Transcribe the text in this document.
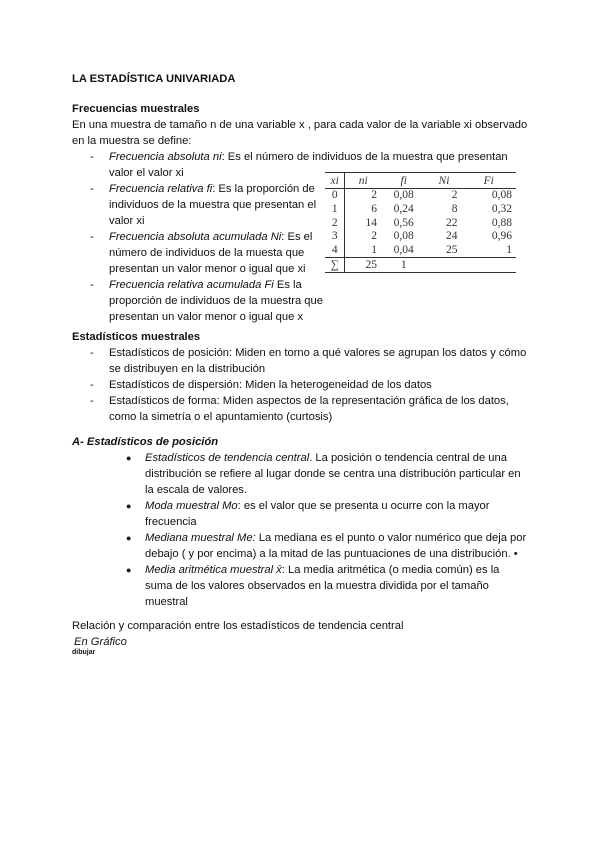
LA ESTADÍSTICA UNIVARIADA
Frecuencias muestrales
En una muestra de tamaño n de una variable x , para cada valor de la variable xi observado
en la muestra se define:
- Frecuencia absoluta ni: Es el número de individuos de la muestra que presentan
valor el valor xi
- Frecuencia relativa fi: Es la proporción de
individuos de la muestra que presentan el
valor xi
- Frecuencia absoluta acumulada Ni: Es el
número de individuos de la muesta que
presentan un valor menor o igual que xi
- Frecuencia relativa acumulada Fi Es la
proporción de individuos de la muestra que
presentan un valor menor o igual que x
xi	ni	fi	Ni	Fi
0	2	0,08	2	0,08
1	6	0,24	8	0,32
2	14	0,56	22	0,88
3	2	0,08	24	0,96
4	1	0,04	25	1
∑	25	1		
Estadísticos muestrales
- Estadísticos de posición: Miden en torno a qué valores se agrupan los datos y cómo
se distribuyen en la distribución
- Estadísticos de dispersión: Miden la heterogeneidad de los datos
- Estadísticos de forma: Miden aspectos de la representación gráfica de los datos,
como la simetría o el apuntamiento (curtosis)
A- Estadísticos de posición
● Estadísticos de tendencia central. La posición o tendencia central de una
distribución se refiere al lugar donde se centra una distribución particular en
la escala de valores.
● Moda muestral Mo: es el valor que se presenta u ocurre con la mayor
frecuencia
● Mediana muestral Me: La mediana es el punto o valor numérico que deja por
debajo ( y por encima) a la mitad de las puntuaciones de una distribución. •
● Media aritmética muestral x̄: La media aritmética (o media común) es la
suma de los valores observados en la muestra dividida por el tamaño
muestral
Relación y comparación entre los estadísticos de tendencia central
En Gráfico
dibujar
